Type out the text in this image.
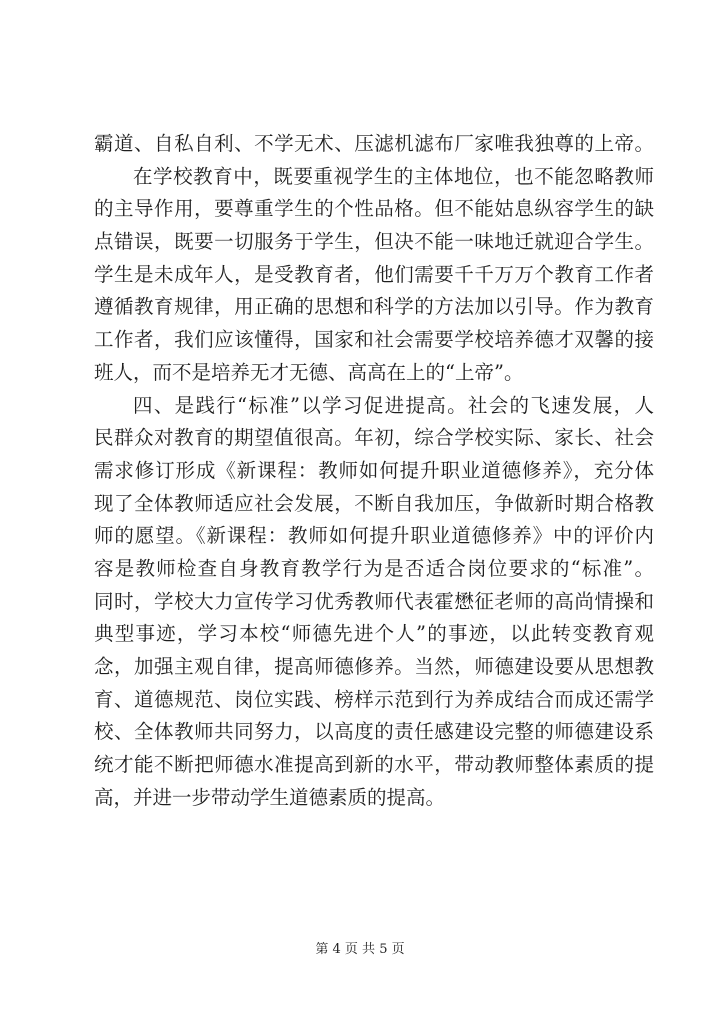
霸道、自私自利、不学无术、压滤机滤布厂家唯我独尊的上帝。
在学校教育中，既要重视学生的主体地位，也不能忽略教师
的主导作用，要尊重学生的个性品格。但不能姑息纵容学生的缺
点错误，既要一切服务于学生，但决不能一味地迁就迎合学生。
学生是未成年人，是受教育者，他们需要千千万万个教育工作者
遵循教育规律，用正确的思想和科学的方法加以引导。作为教育
工作者，我们应该懂得，国家和社会需要学校培养德才双馨的接
班人，而不是培养无才无德、高高在上的“上帝”。
四、是践行“标准”以学习促进提高。社会的飞速发展，人
民群众对教育的期望值很高。年初，综合学校实际、家长、社会
需求修订形成《新课程：教师如何提升职业道德修养》，充分体
现了全体教师适应社会发展，不断自我加压，争做新时期合格教
师的愿望。《新课程：教师如何提升职业道德修养》中的评价内
容是教师检查自身教育教学行为是否适合岗位要求的“标准”。
同时，学校大力宣传学习优秀教师代表霍懋征老师的高尚情操和
典型事迹，学习本校“师德先进个人”的事迹，以此转变教育观
念，加强主观自律，提高师德修养。当然，师德建设要从思想教
育、道德规范、岗位实践、榜样示范到行为养成结合而成还需学
校、全体教师共同努力，以高度的责任感建设完整的师德建设系
统才能不断把师德水准提高到新的水平，带动教师整体素质的提
高，并进一步带动学生道德素质的提高。
第 4 页 共 5 页
